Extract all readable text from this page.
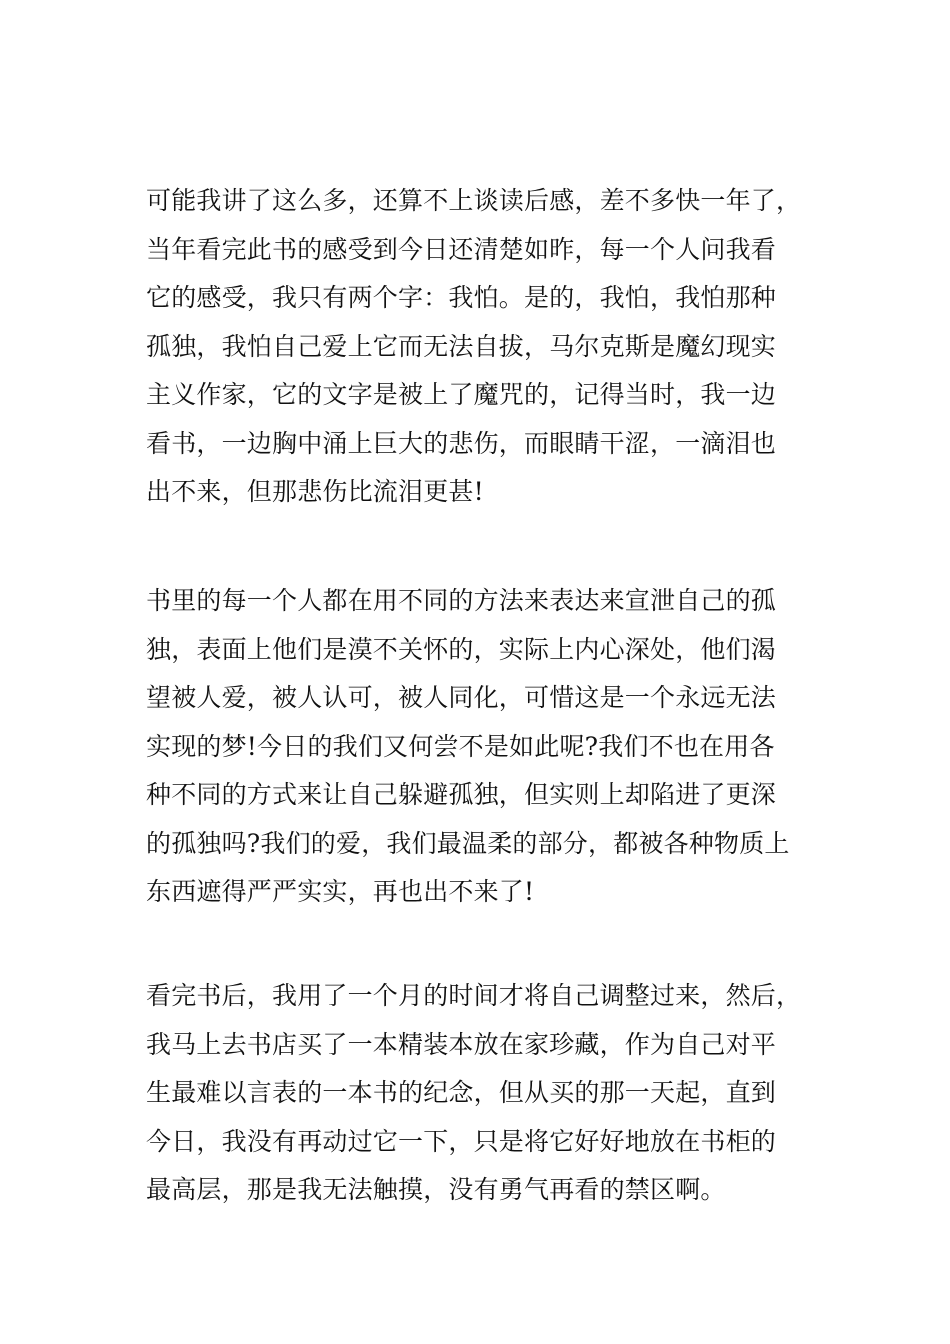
可能我讲了这么多，还算不上谈读后感，差不多快一年了，
当年看完此书的感受到今日还清楚如昨，每一个人问我看
它的感受，我只有两个字：我怕。是的，我怕，我怕那种
孤独，我怕自己爱上它而无法自拔，马尔克斯是魔幻现实
主义作家，它的文字是被上了魔咒的，记得当时，我一边
看书，一边胸中涌上巨大的悲伤，而眼睛干涩，一滴泪也
出不来，但那悲伤比流泪更甚!
书里的每一个人都在用不同的方法来表达来宣泄自己的孤
独，表面上他们是漠不关怀的，实际上内心深处，他们渴
望被人爱，被人认可，被人同化，可惜这是一个永远无法
实现的梦!今日的我们又何尝不是如此呢?我们不也在用各
种不同的方式来让自己躲避孤独，但实则上却陷进了更深
的孤独吗?我们的爱，我们最温柔的部分，都被各种物质上
东西遮得严严实实，再也出不来了!
看完书后，我用了一个月的时间才将自己调整过来，然后，
我马上去书店买了一本精装本放在家珍藏，作为自己对平
生最难以言表的一本书的纪念，但从买的那一天起，直到
今日，我没有再动过它一下，只是将它好好地放在书柜的
最高层，那是我无法触摸，没有勇气再看的禁区啊。
